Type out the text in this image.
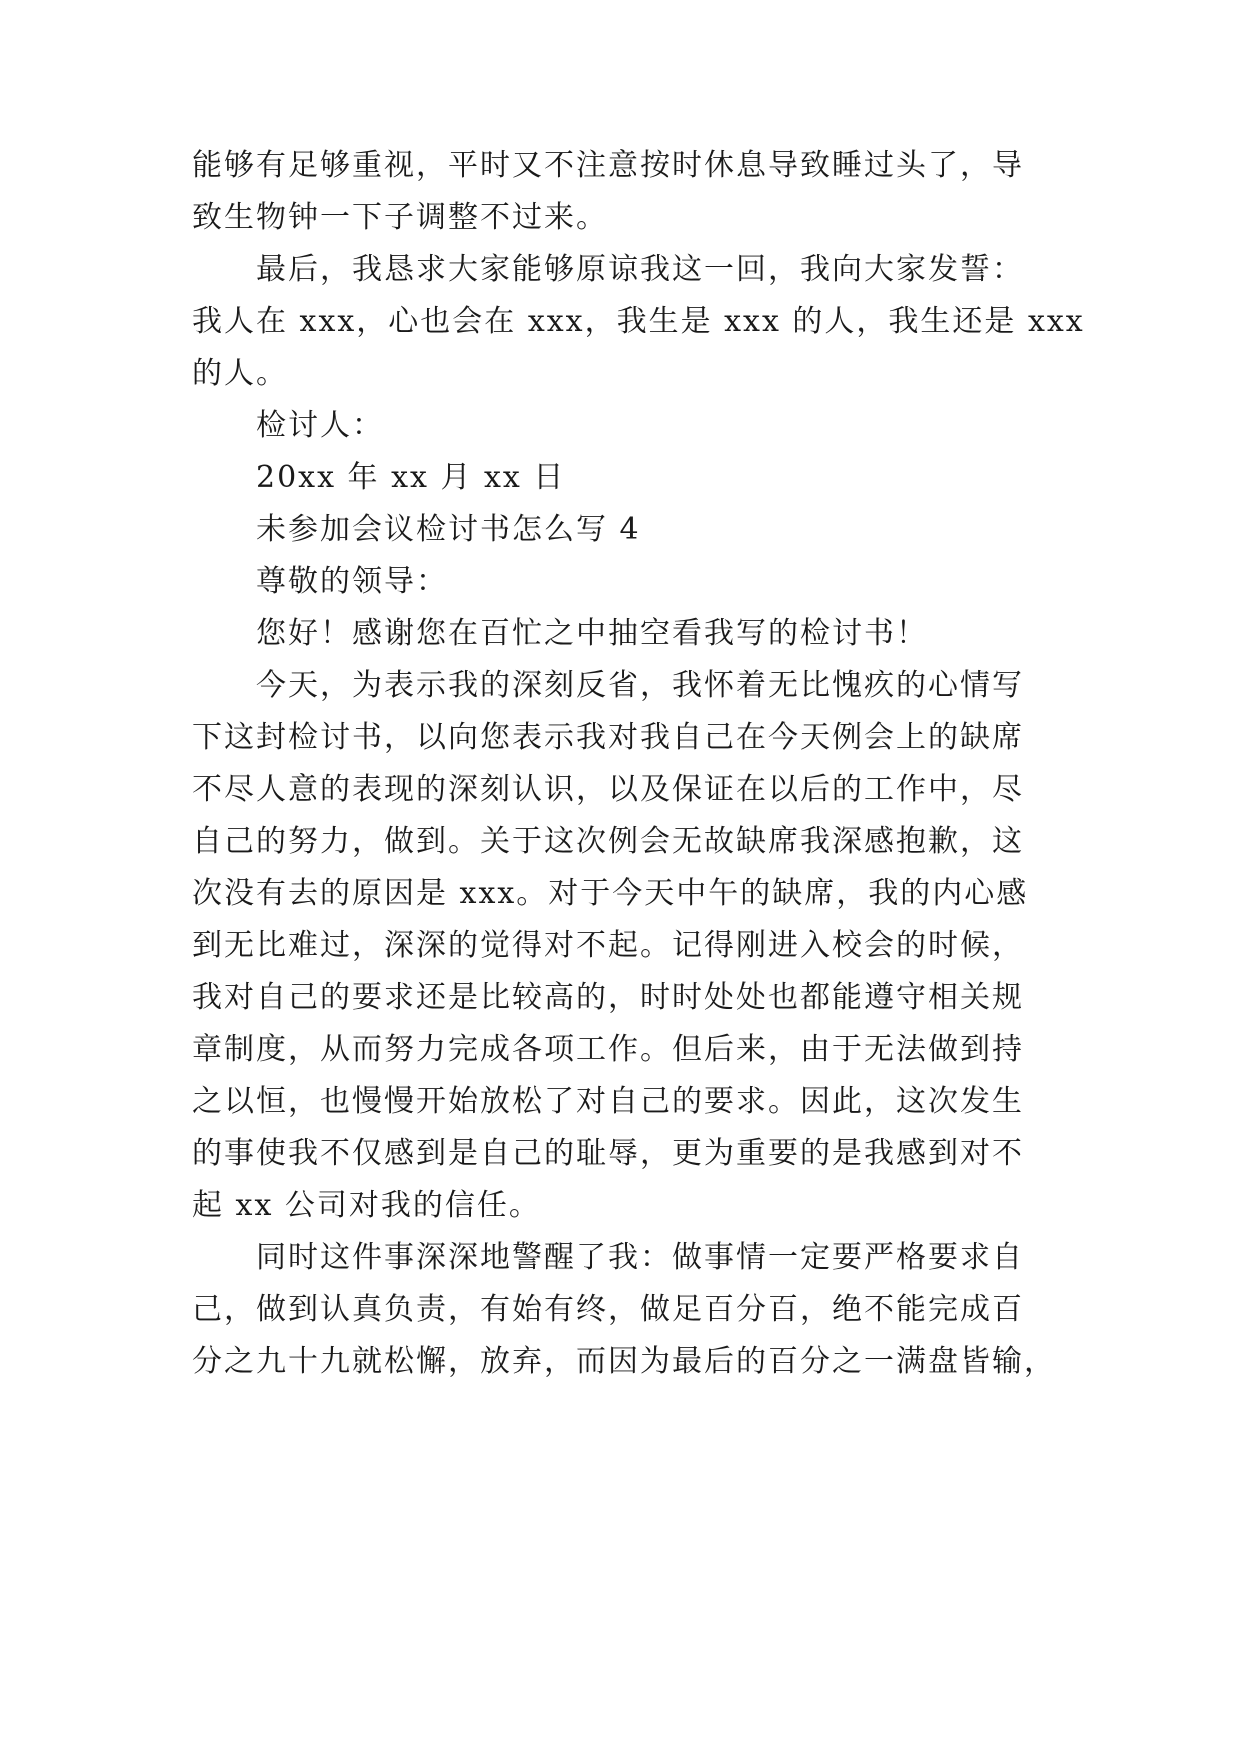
能够有足够重视，平时又不注意按时休息导致睡过头了，导
致生物钟一下子调整不过来。
最后，我恳求大家能够原谅我这一回，我向大家发誓：
我人在 xxx，心也会在 xxx，我生是 xxx 的人，我生还是 xxx
的人。
检讨人：
20xx 年 xx 月 xx 日
未参加会议检讨书怎么写 4
尊敬的领导：
您好！感谢您在百忙之中抽空看我写的检讨书！
今天，为表示我的深刻反省，我怀着无比愧疚的心情写
下这封检讨书，以向您表示我对我自己在今天例会上的缺席
不尽人意的表现的深刻认识，以及保证在以后的工作中，尽
自己的努力，做到。关于这次例会无故缺席我深感抱歉，这
次没有去的原因是 xxx。对于今天中午的缺席，我的内心感
到无比难过，深深的觉得对不起。记得刚进入校会的时候，
我对自己的要求还是比较高的，时时处处也都能遵守相关规
章制度，从而努力完成各项工作。但后来，由于无法做到持
之以恒，也慢慢开始放松了对自己的要求。因此，这次发生
的事使我不仅感到是自己的耻辱，更为重要的是我感到对不
起 xx 公司对我的信任。
同时这件事深深地警醒了我：做事情一定要严格要求自
己，做到认真负责，有始有终，做足百分百，绝不能完成百
分之九十九就松懈，放弃，而因为最后的百分之一满盘皆输，
